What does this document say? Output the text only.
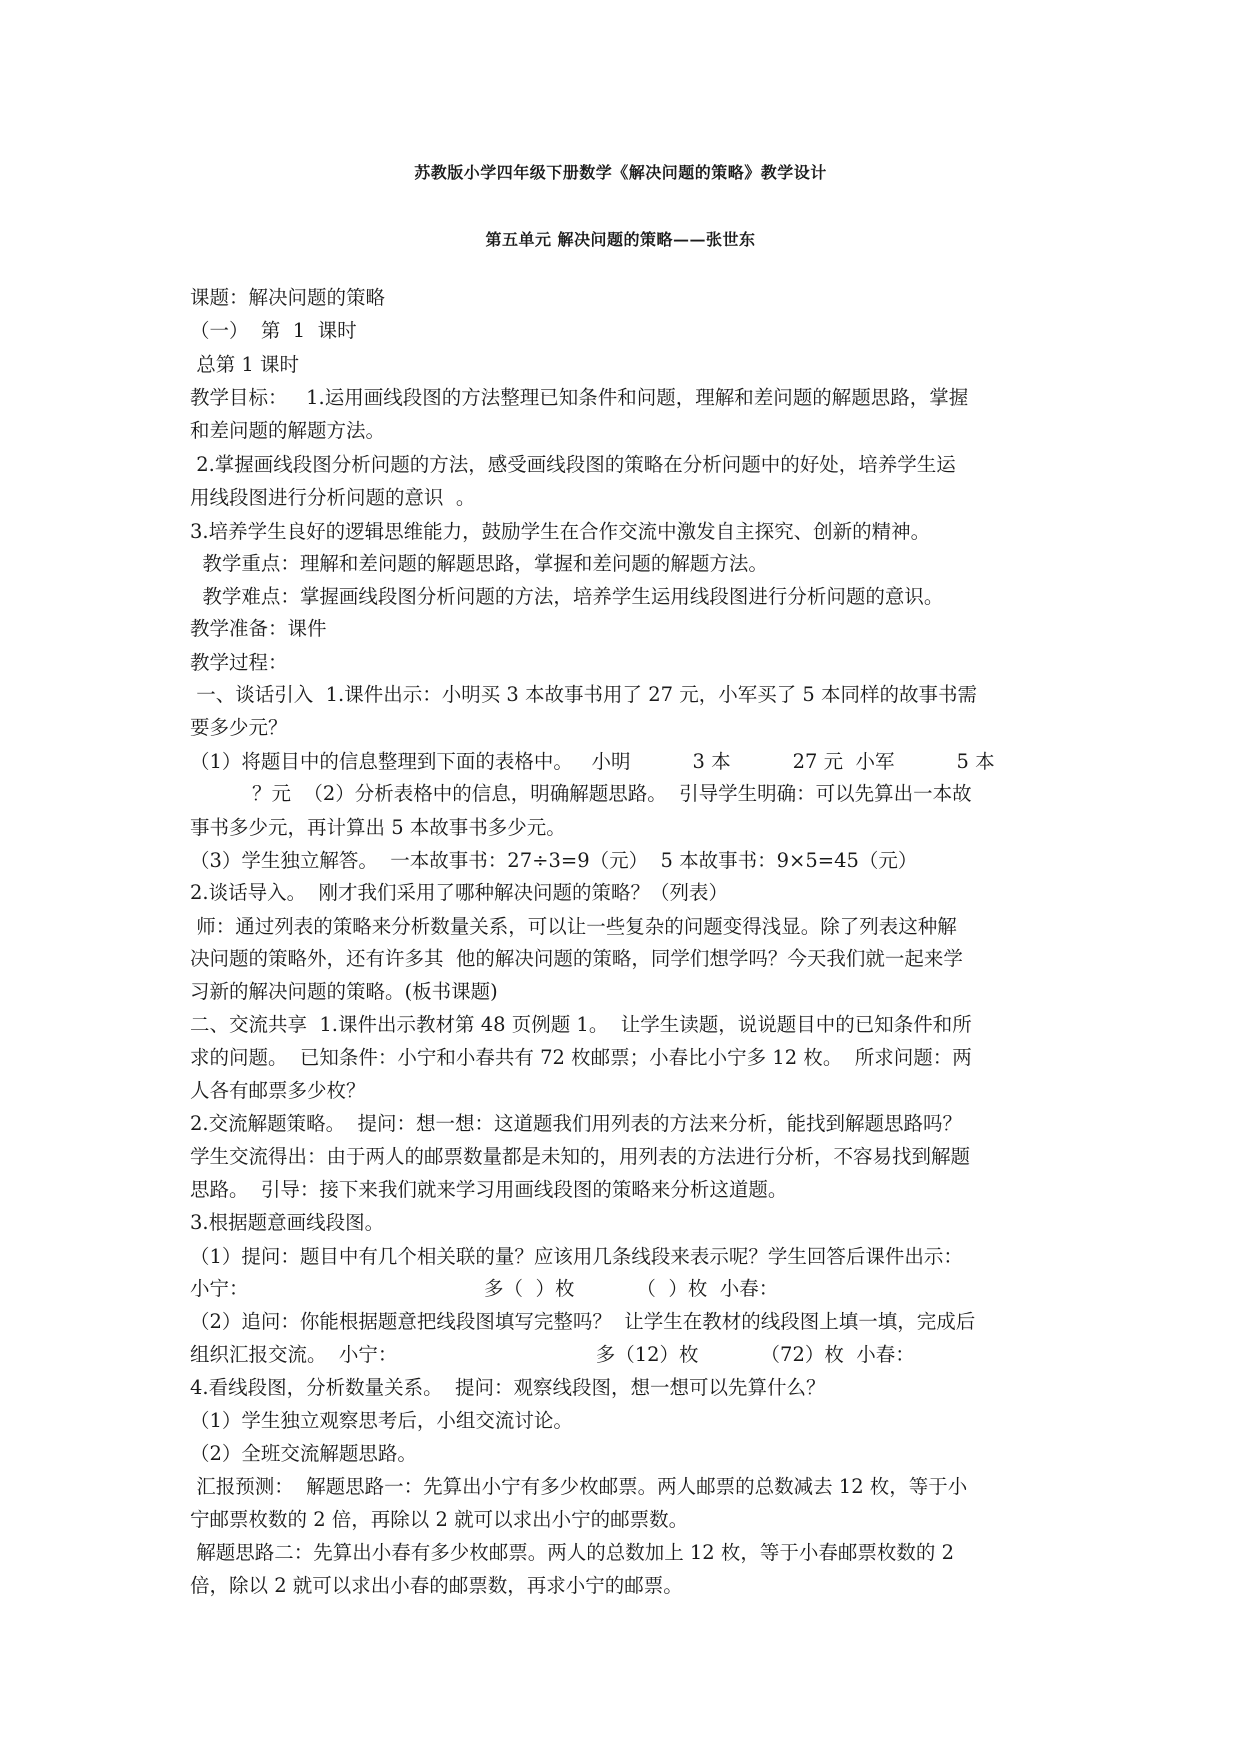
苏教版小学四年级下册数学《解决问题的策略》教学设计
第五单元 解决问题的策略——张世东
课题：解决问题的策略
（一）  第  1  课时
总第 1 课时
教学目标：   1.运用画线段图的方法整理已知条件和问题，理解和差问题的解题思路，掌握
和差问题的解题方法。
2.掌握画线段图分析问题的方法，感受画线段图的策略在分析问题中的好处，培养学生运
用线段图进行分析问题的意识  。
3.培养学生良好的逻辑思维能力，鼓励学生在合作交流中激发自主探究、创新的精神。
教学重点：理解和差问题的解题思路，掌握和差问题的解题方法。
教学难点：掌握画线段图分析问题的方法，培养学生运用线段图进行分析问题的意识。
教学准备：课件
教学过程：
一、谈话引入  1.课件出示：小明买 3 本故事书用了 27 元，小军买了 5 本同样的故事书需
要多少元？
（1）将题目中的信息整理到下面的表格中。   小明          3 本          27 元  小军          5 本
？元  （2）分析表格中的信息，明确解题思路。  引导学生明确：可以先算出一本故
事书多少元，再计算出 5 本故事书多少元。
（3）学生独立解答。  一本故事书：27÷3=9（元）  5 本故事书：9×5=45（元）
2.谈话导入。  刚才我们采用了哪种解决问题的策略？（列表）
师：通过列表的策略来分析数量关系，可以让一些复杂的问题变得浅显。除了列表这种解
决问题的策略外，还有许多其  他的解决问题的策略，同学们想学吗？今天我们就一起来学
习新的解决问题的策略。(板书课题)
二、交流共享  1.课件出示教材第 48 页例题 1。  让学生读题，说说题目中的已知条件和所
求的问题。  已知条件：小宁和小春共有 72 枚邮票；小春比小宁多 12 枚。  所求问题：两
人各有邮票多少枚？
2.交流解题策略。  提问：想一想：这道题我们用列表的方法来分析，能找到解题思路吗？
学生交流得出：由于两人的邮票数量都是未知的，用列表的方法进行分析，不容易找到解题
思路。  引导：接下来我们就来学习用画线段图的策略来分析这道题。
3.根据题意画线段图。
（1）提问：题目中有几个相关联的量？应该用几条线段来表示呢？学生回答后课件出示：
小宁：                                      多（  ）枚          （  ）枚  小春：
（2）追问：你能根据题意把线段图填写完整吗？  让学生在教材的线段图上填一填，完成后
组织汇报交流。  小宁：                                多（12）枚          （72）枚  小春：
4.看线段图，分析数量关系。  提问：观察线段图，想一想可以先算什么？
（1）学生独立观察思考后，小组交流讨论。
（2）全班交流解题思路。
汇报预测：  解题思路一：先算出小宁有多少枚邮票。两人邮票的总数减去 12 枚，等于小
宁邮票枚数的 2 倍，再除以 2 就可以求出小宁的邮票数。
解题思路二：先算出小春有多少枚邮票。两人的总数加上 12 枚，等于小春邮票枚数的 2
倍，除以 2 就可以求出小春的邮票数，再求小宁的邮票。
